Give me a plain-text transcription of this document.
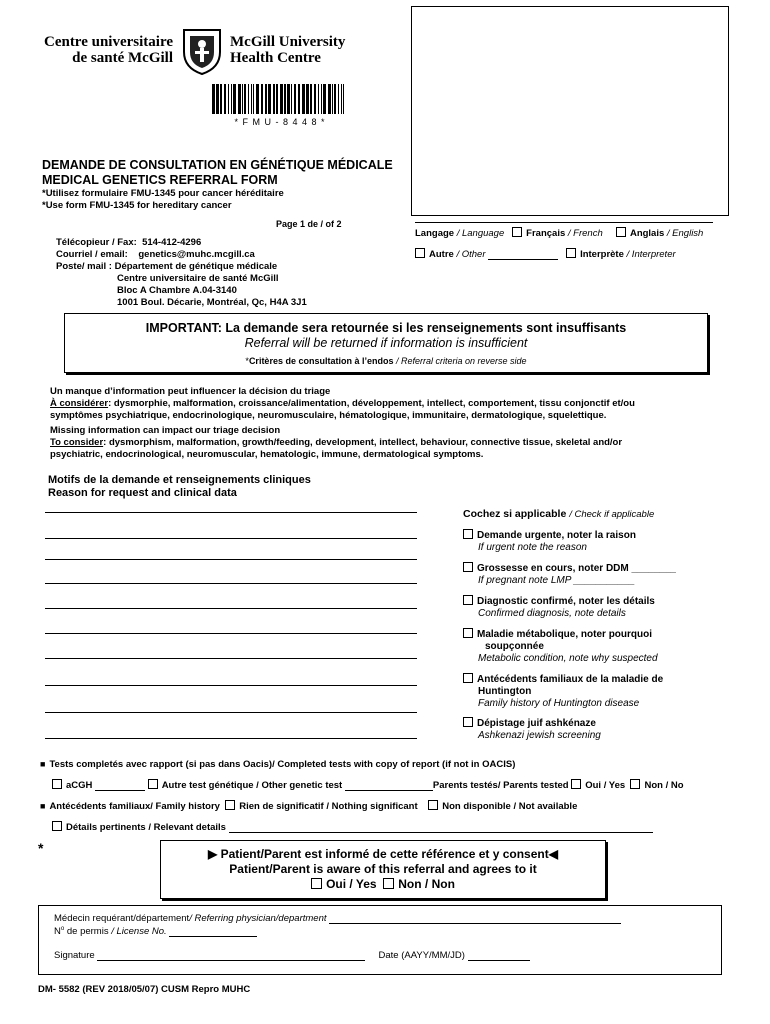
Centre universitaire
de santé McGill
McGill University
Health Centre
* F M U - 8 4 4 8 *
DEMANDE DE CONSULTATION EN GÉNÉTIQUE MÉDICALE
MEDICAL GENETICS REFERRAL FORM
*Utilisez formulaire FMU-1345 pour cancer héréditaire
*Use form FMU-1345 for hereditary cancer
Page 1 de / of 2
Télécopieur / Fax: 514-412-4296
Courriel / email: genetics@muhc.mcgill.ca
Poste/ mail : Département de génétique médicale
Centre universitaire de santé McGill
Bloc A Chambre A.04-3140
1001 Boul. Décarie, Montréal, Qc, H4A 3J1
Langage / Language Français / French	Anglais / English
Autre / Other	Interprète / Interpreter
IMPORTANT: La demande sera retournée si les renseignements sont insuffisants
Referral will be returned if information is insufficient
*Critères de consultation à l’endos / Referral criteria on reverse side
Un manque d’information peut influencer la décision du triage
À considérer: dysmorphie, malformation, croissance/alimentation, développement, intellect, comportement, tissu conjonctif et/ou
symptômes psychiatrique, endocrinologique, neuromusculaire, hématologique, immunitaire, dermatologique, squelettique.
Missing information can impact our triage decision
To consider: dysmorphism, malformation, growth/feeding, development, intellect, behaviour, connective tissue, skeletal and/or
psychiatric, endocrinological, neuromuscular, hematologic, immune, dermatological symptoms.
Motifs de la demande et renseignements cliniques
Reason for request and clinical data
Cochez si applicable / Check if applicable
Demande urgente, noter la raison
If urgent note the reason
Grossesse en cours, noter DDM ________
If pregnant note LMP ___________
Diagnostic confirmé, noter les détails
Confirmed diagnosis, note details
Maladie métabolique, noter pourquoi
soupçonnée
Metabolic condition, note why suspected
Antécédents familiaux de la maladie de
Huntington
Family history of Huntington disease
Dépistage juif ashkénaze
Ashkenazi jewish screening
■ Tests completés avec rapport (si pas dans Oacis)/ Completed tests with copy of report (if not in OACIS)
aCGH	Autre test génétique / Other genetic test	Parents testés/ Parents tested Oui / Yes Non / No
■ Antécédents familiaux/ Family history Rien de significatif / Nothing significant	Non disponible / Not available
Détails pertinents / Relevant details
*	▶ Patient/Parent est informé de cette référence et y consent◀
Patient/Parent is aware of this referral and agrees to it
Oui / Yes Non / Non
Médecin requérant/département/ Referring physician/department
$N^o$ de permis / License No.
Signature	Date (AAYY/MM/JD)
DM- 5582 (REV 2018/05/07) CUSM Repro MUHC
